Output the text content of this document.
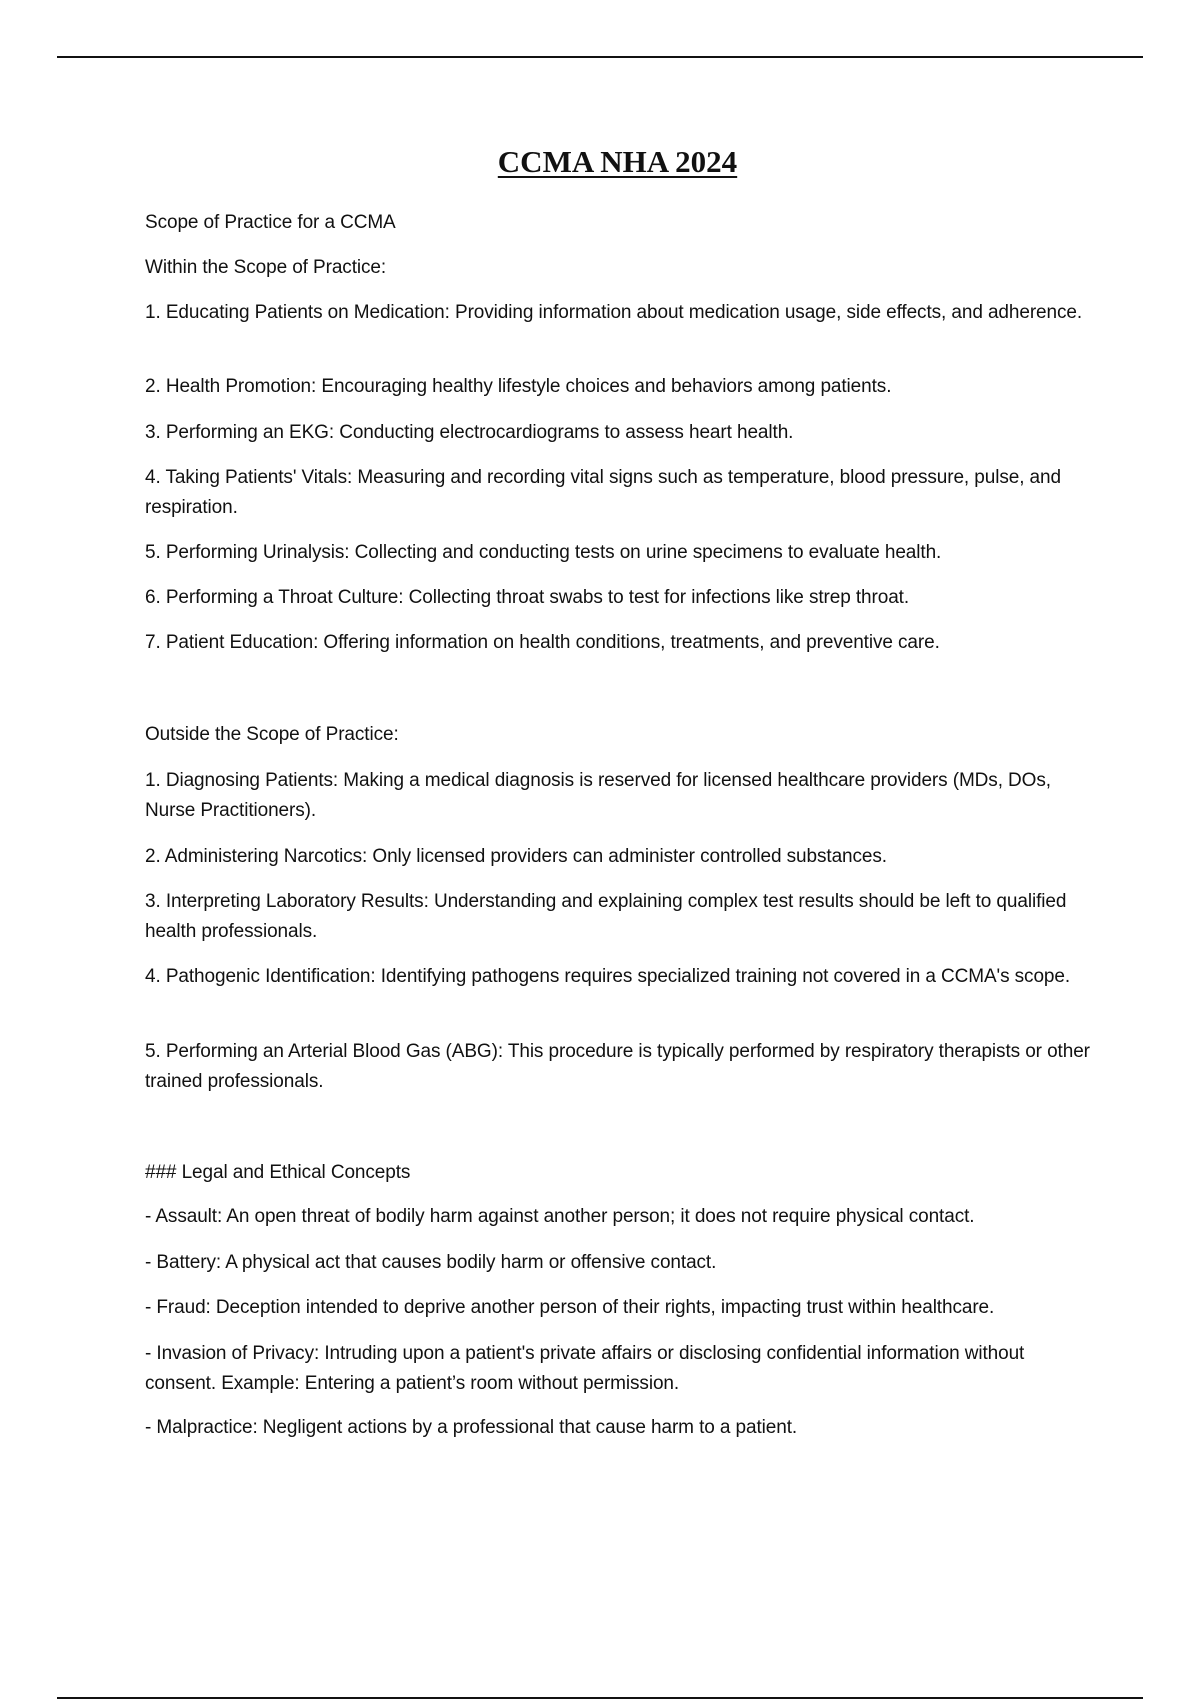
CCMA NHA 2024

Scope of Practice for a CCMA

Within the Scope of Practice:

1. Educating Patients on Medication: Providing information about medication usage, side effects, and adherence.

2. Health Promotion: Encouraging healthy lifestyle choices and behaviors among patients.

3. Performing an EKG: Conducting electrocardiograms to assess heart health.

4. Taking Patients' Vitals: Measuring and recording vital signs such as temperature, blood pressure, pulse, and respiration.

5. Performing Urinalysis: Collecting and conducting tests on urine specimens to evaluate health.

6. Performing a Throat Culture: Collecting throat swabs to test for infections like strep throat.

7. Patient Education: Offering information on health conditions, treatments, and preventive care.

Outside the Scope of Practice:

1. Diagnosing Patients: Making a medical diagnosis is reserved for licensed healthcare providers (MDs, DOs, Nurse Practitioners).

2. Administering Narcotics: Only licensed providers can administer controlled substances.

3. Interpreting Laboratory Results: Understanding and explaining complex test results should be left to qualified health professionals.

4. Pathogenic Identification: Identifying pathogens requires specialized training not covered in a CCMA's scope.

5. Performing an Arterial Blood Gas (ABG): This procedure is typically performed by respiratory therapists or other trained professionals.

### Legal and Ethical Concepts

- Assault: An open threat of bodily harm against another person; it does not require physical contact.

- Battery: A physical act that causes bodily harm or offensive contact.

- Fraud: Deception intended to deprive another person of their rights, impacting trust within healthcare.

- Invasion of Privacy: Intruding upon a patient's private affairs or disclosing confidential information without consent. Example: Entering a patient’s room without permission.

- Malpractice: Negligent actions by a professional that cause harm to a patient.
